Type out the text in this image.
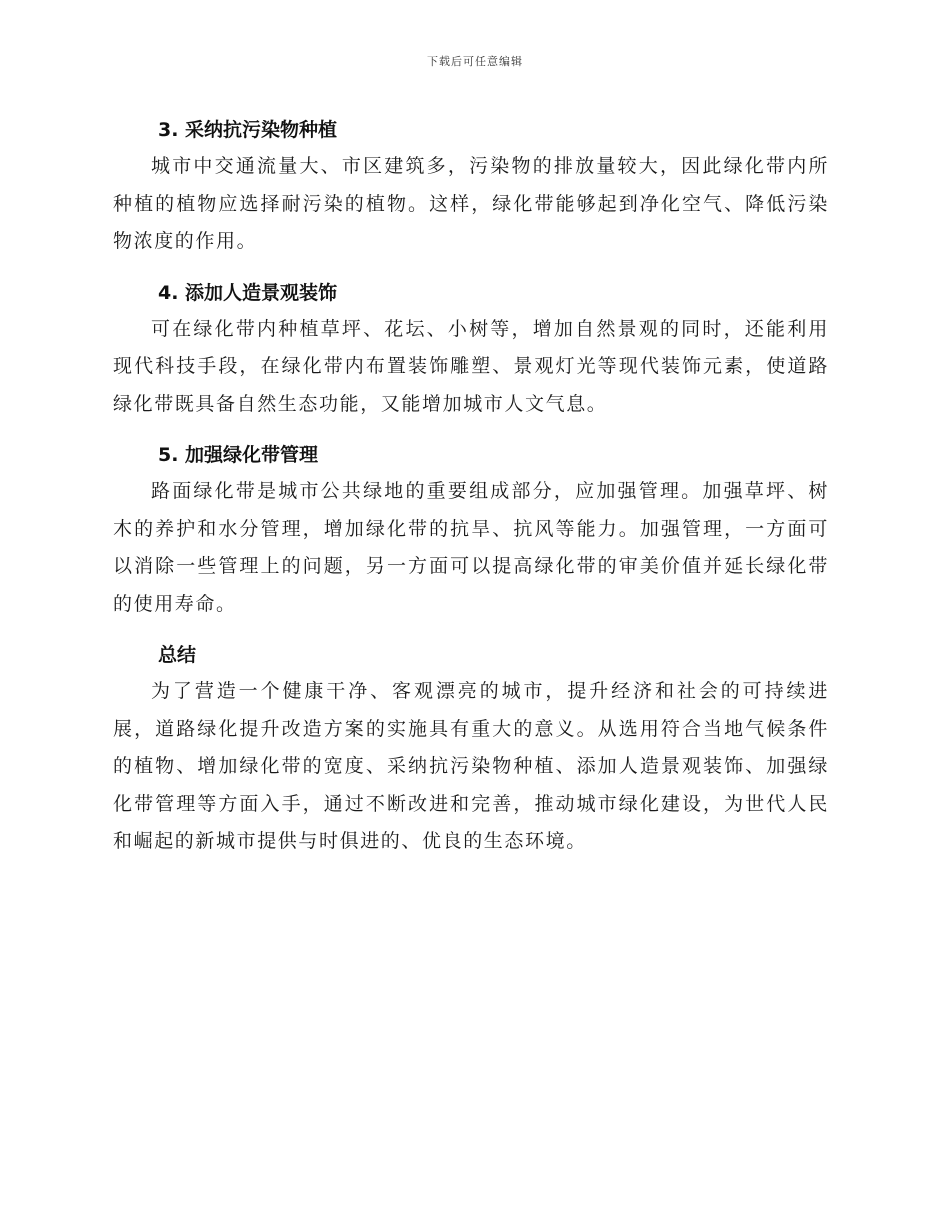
下载后可任意编辑
3. 采纳抗污染物种植

城市中交通流量大、市区建筑多，污染物的排放量较大，因此绿化带内所种植的植物应选择耐污染的植物。这样，绿化带能够起到净化空气、降低污染物浓度的作用。

4. 添加人造景观装饰

可在绿化带内种植草坪、花坛、小树等，增加自然景观的同时，还能利用现代科技手段，在绿化带内布置装饰雕塑、景观灯光等现代装饰元素，使道路绿化带既具备自然生态功能，又能增加城市人文气息。

5. 加强绿化带管理

路面绿化带是城市公共绿地的重要组成部分，应加强管理。加强草坪、树木的养护和水分管理，增加绿化带的抗旱、抗风等能力。加强管理，一方面可以消除一些管理上的问题，另一方面可以提高绿化带的审美价值并延长绿化带的使用寿命。

总结

为了营造一个健康干净、客观漂亮的城市，提升经济和社会的可持续进展，道路绿化提升改造方案的实施具有重大的意义。从选用符合当地气候条件的植物、增加绿化带的宽度、采纳抗污染物种植、添加人造景观装饰、加强绿化带管理等方面入手，通过不断改进和完善，推动城市绿化建设，为世代人民和崛起的新城市提供与时俱进的、优良的生态环境。
